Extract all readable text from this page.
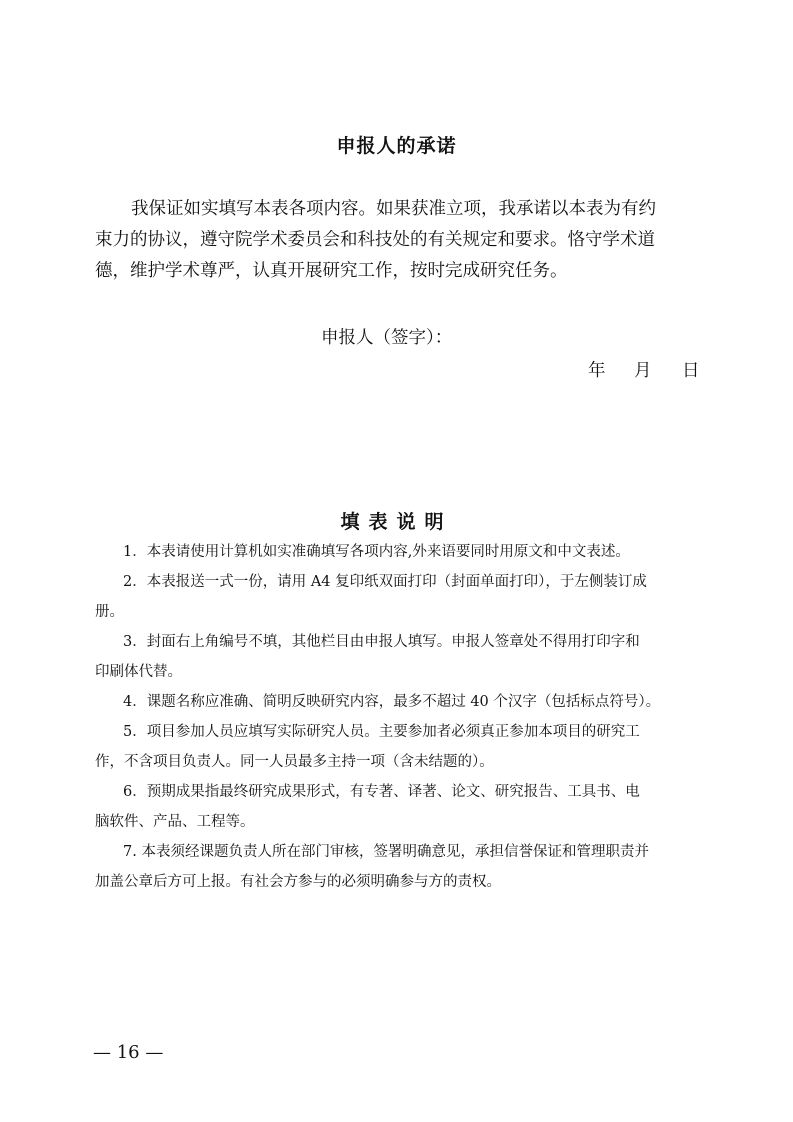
申报人的承诺
我保证如实填写本表各项内容。如果获准立项，我承诺以本表为有约
束力的协议，遵守院学术委员会和科技处的有关规定和要求。恪守学术道
德，维护学术尊严，认真开展研究工作，按时完成研究任务。
申报人（签字）：
年 月 日
填表说明
1．本表请使用计算机如实准确填写各项内容,外来语要同时用原文和中文表述。
2．本表报送一式一份，请用 A4 复印纸双面打印（封面单面打印），于左侧装订成
册。
3．封面右上角编号不填，其他栏目由申报人填写。申报人签章处不得用打印字和
印刷体代替。
4．课题名称应准确、简明反映研究内容，最多不超过 40 个汉字（包括标点符号）。
5．项目参加人员应填写实际研究人员。主要参加者必须真正参加本项目的研究工
作，不含项目负责人。同一人员最多主持一项（含未结题的）。
6．预期成果指最终研究成果形式，有专著、译著、论文、研究报告、工具书、电
脑软件、产品、工程等。
7. 本表须经课题负责人所在部门审核，签署明确意见，承担信誉保证和管理职责并
加盖公章后方可上报。有社会方参与的必须明确参与方的责权。
— 16 —
